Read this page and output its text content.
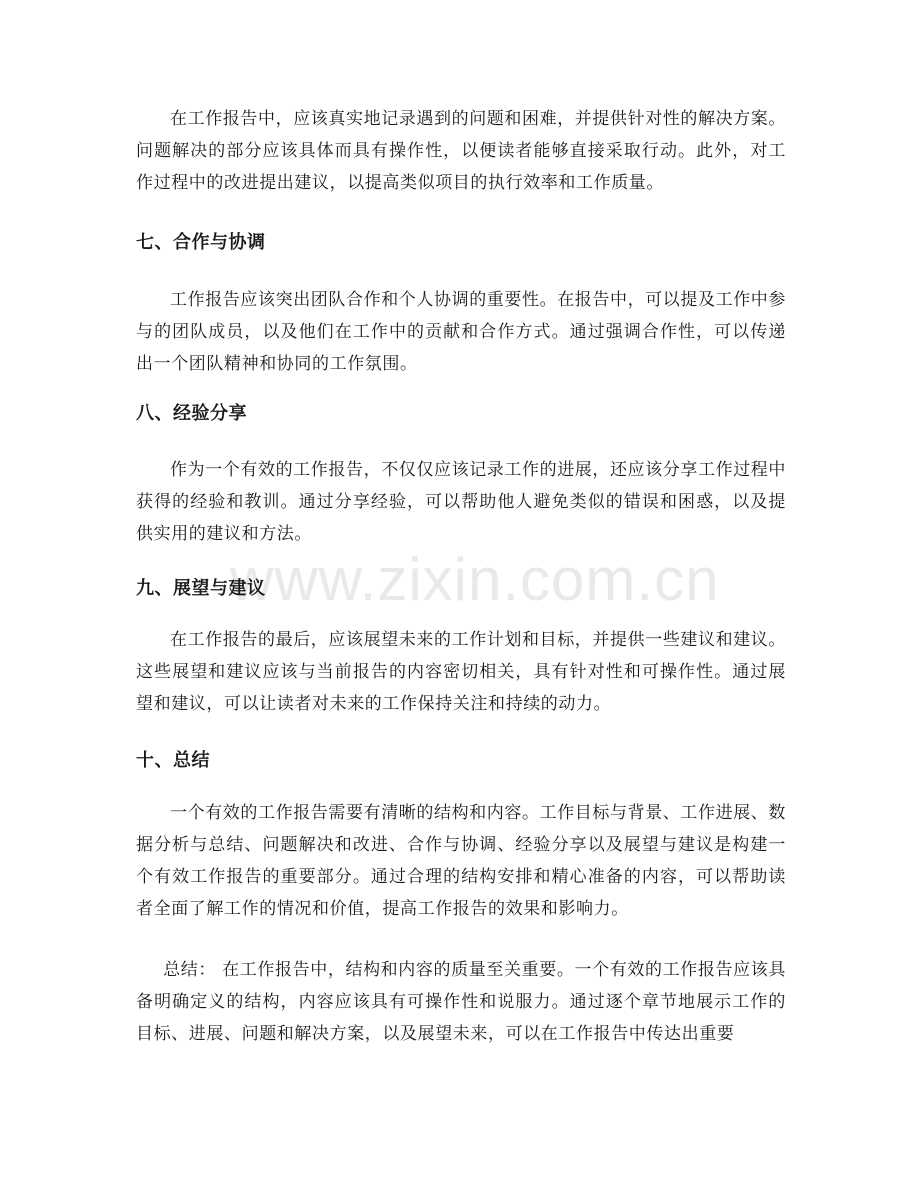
在工作报告中，应该真实地记录遇到的问题和困难，并提供针对性的解决方案。问题解决的部分应该具体而具有操作性，以便读者能够直接采取行动。此外，对工作过程中的改进提出建议，以提高类似项目的执行效率和工作质量。

七、合作与协调

工作报告应该突出团队合作和个人协调的重要性。在报告中，可以提及工作中参与的团队成员，以及他们在工作中的贡献和合作方式。通过强调合作性，可以传递出一个团队精神和协同的工作氛围。

八、经验分享

作为一个有效的工作报告，不仅仅应该记录工作的进展，还应该分享工作过程中获得的经验和教训。通过分享经验，可以帮助他人避免类似的错误和困惑，以及提供实用的建议和方法。

www.zixin.com.cn
九、展望与建议

在工作报告的最后，应该展望未来的工作计划和目标，并提供一些建议和建议。这些展望和建议应该与当前报告的内容密切相关，具有针对性和可操作性。通过展望和建议，可以让读者对未来的工作保持关注和持续的动力。

十、总结

一个有效的工作报告需要有清晰的结构和内容。工作目标与背景、工作进展、数据分析与总结、问题解决和改进、合作与协调、经验分享以及展望与建议是构建一个有效工作报告的重要部分。通过合理的结构安排和精心准备的内容，可以帮助读者全面了解工作的情况和价值，提高工作报告的效果和影响力。

总结： 在工作报告中，结构和内容的质量至关重要。一个有效的工作报告应该具备明确定义的结构，内容应该具有可操作性和说服力。通过逐个章节地展示工作的目标、进展、问题和解决方案，以及展望未来，可以在工作报告中传达出重要
